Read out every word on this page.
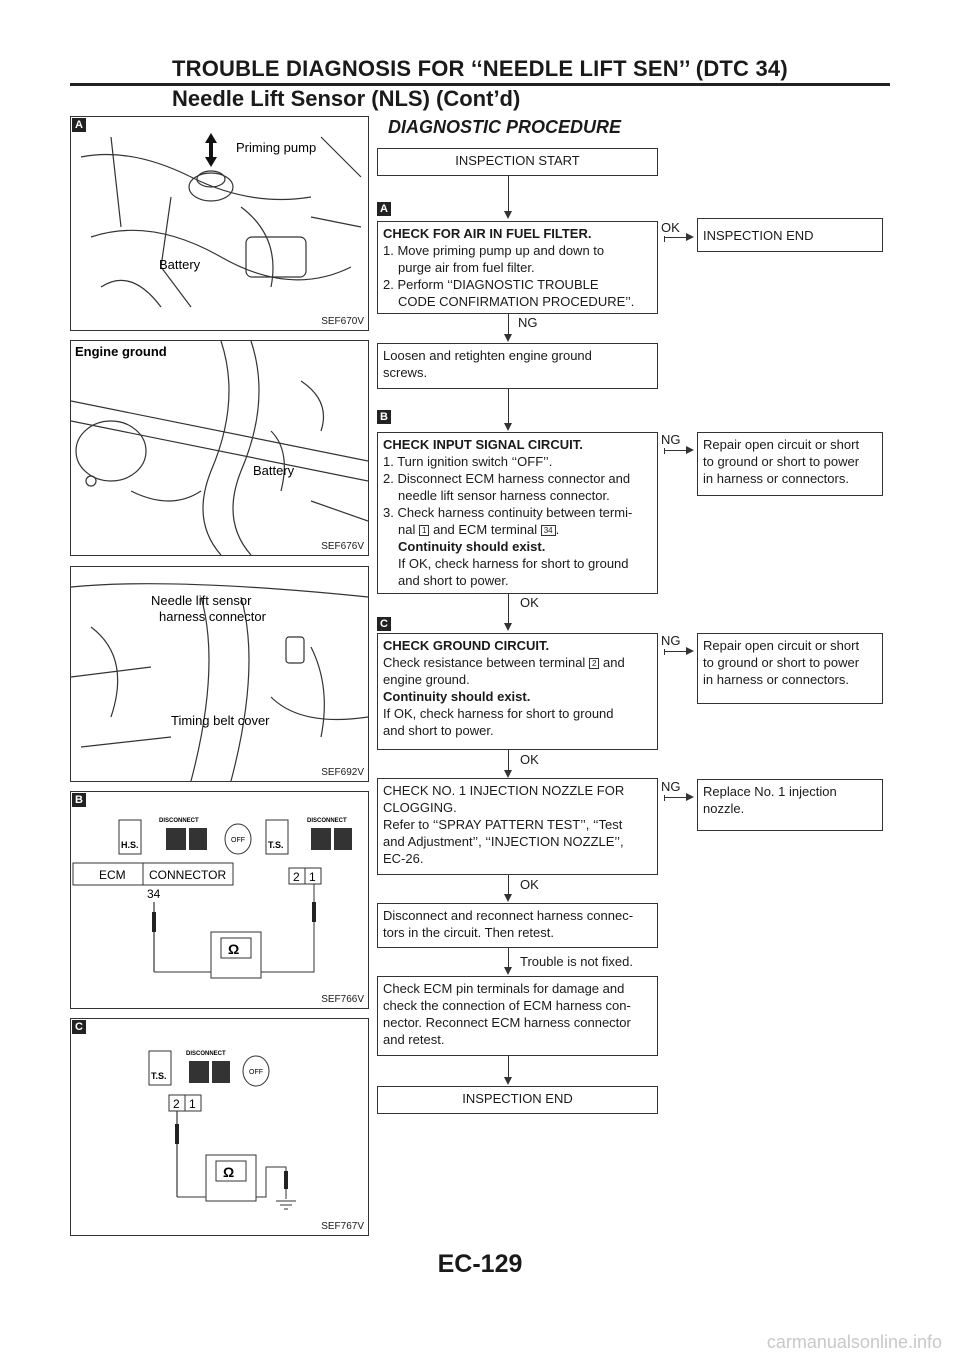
TROUBLE DIAGNOSIS FOR ‘‘NEEDLE LIFT SEN’’ (DTC 34)
Needle Lift Sensor (NLS) (Cont’d)
Priming pump
Battery
A
SEF670V
Engine ground
Battery
SEF676V
Needle lift sensor
harness connector
Timing belt cover
SEF692V
H.S.
DISCONNECT
OFF	T.S.
DISCONNECT
ECM CONNECTOR	2 1
34
Ω
B
SEF766V
T.S.
DISCONNECT
OFF
2 1
Ω
C
SEF767V
DIAGNOSTIC PROCEDURE
INSPECTION START
A
CHECK FOR AIR IN FUEL FILTER.
1. Move priming pump up and down to
purge air from fuel filter.
2. Perform ‘‘DIAGNOSTIC TROUBLE
CODE CONFIRMATION PROCEDURE’’.
OK
INSPECTION END
NG
Loosen and retighten engine ground
screws.
B
CHECK INPUT SIGNAL CIRCUIT.
1. Turn ignition switch ‘‘OFF’’.
2. Disconnect ECM harness connector and
needle lift sensor harness connector.
3. Check harness continuity between termi-
nal 1 and ECM terminal 34 .
Continuity should exist.
If OK, check harness for short to ground
and short to power.
NG Repair open circuit or short
to ground or short to power
in harness or connectors.
OK
C
CHECK GROUND CIRCUIT.
Check resistance between terminal 2 and
engine ground.
Continuity should exist.
If OK, check harness for short to ground
and short to power.
NG Repair open circuit or short
to ground or short to power
in harness or connectors.
OK
CHECK NO. 1 INJECTION NOZZLE FOR
CLOGGING.
Refer to ‘‘SPRAY PATTERN TEST’’, ‘‘Test
and Adjustment’’, ‘‘INJECTION NOZZLE’’,
EC-26.
NG Replace No. 1 injection
nozzle.
OK
Disconnect and reconnect harness connec-
tors in the circuit. Then retest.
Trouble is not fixed.
Check ECM pin terminals for damage and
check the connection of ECM harness con-
nector. Reconnect ECM harness connector
and retest.
INSPECTION END
EC-129
carmanualsonline.info
